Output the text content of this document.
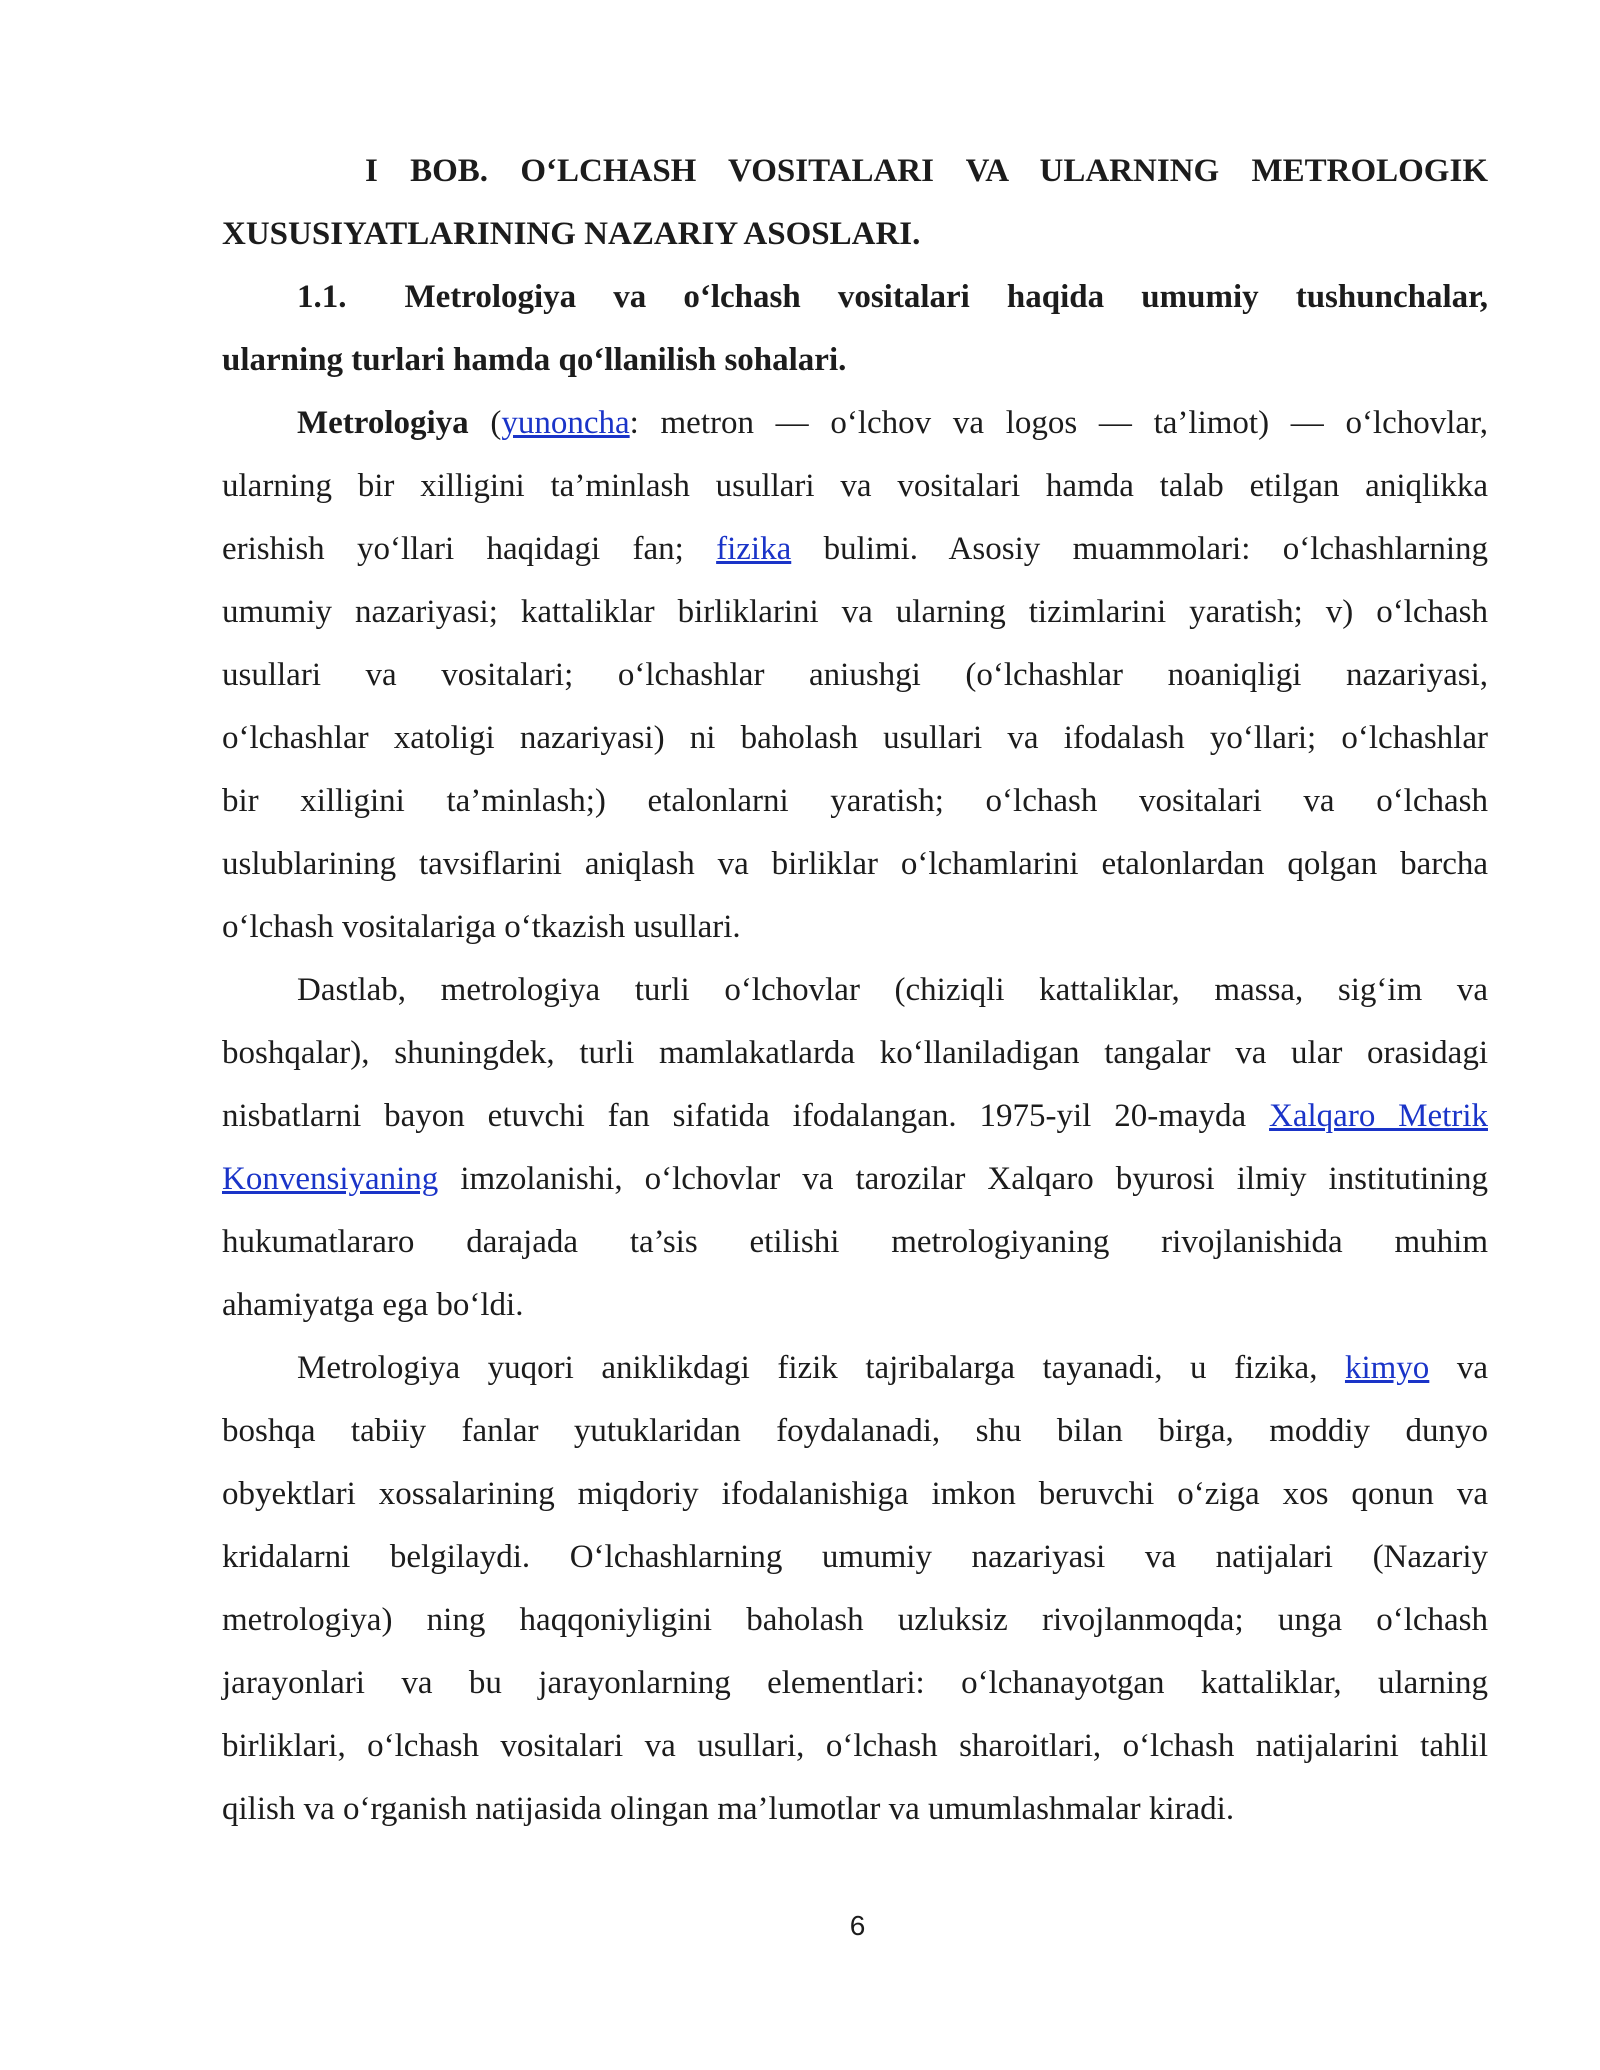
I BOB. O‘LCHASH VOSITALARI VA ULARNING METROLOGIK
XUSUSIYATLARINING NAZARIY ASOSLARI.
1.1. Metrologiya va o‘lchash vositalari haqida umumiy tushunchalar,
ularning turlari hamda qo‘llanilish sohalari.
Metrologiya (yunoncha: metron — o‘lchov va logos — ta’limot) — o‘lchovlar,
ularning bir xilligini ta’minlash usullari va vositalari hamda talab etilgan aniqlikka
erishish yo‘llari haqidagi fan; fizika bulimi. Asosiy muammolari: o‘lchashlarning
umumiy nazariyasi; kattaliklar birliklarini va ularning tizimlarini yaratish; v) o‘lchash
usullari va vositalari; o‘lchashlar aniushgi (o‘lchashlar noaniqligi nazariyasi,
o‘lchashlar xatoligi nazariyasi) ni baholash usullari va ifodalash yo‘llari; o‘lchashlar
bir xilligini ta’minlash;) etalonlarni yaratish; o‘lchash vositalari va o‘lchash
uslublarining tavsiflarini aniqlash va birliklar o‘lchamlarini etalonlardan qolgan barcha
o‘lchash vositalariga o‘tkazish usullari.
Dastlab, metrologiya turli o‘lchovlar (chiziqli kattaliklar, massa, sig‘im va
boshqalar), shuningdek, turli mamlakatlarda ko‘llaniladigan tangalar va ular orasidagi
nisbatlarni bayon etuvchi fan sifatida ifodalangan. 1975-yil 20-mayda Xalqaro Metrik
Konvensiyaning imzolanishi, o‘lchovlar va tarozilar Xalqaro byurosi ilmiy institutining
hukumatlararo darajada ta’sis etilishi metrologiyaning rivojlanishida muhim
ahamiyatga ega bo‘ldi.
Metrologiya yuqori aniklikdagi fizik tajribalarga tayanadi, u fizika, kimyo va
boshqa tabiiy fanlar yutuklaridan foydalanadi, shu bilan birga, moddiy dunyo
obyektlari xossalarining miqdoriy ifodalanishiga imkon beruvchi o‘ziga xos qonun va
kridalarni belgilaydi. O‘lchashlarning umumiy nazariyasi va natijalari (Nazariy
metrologiya) ning haqqoniyligini baholash uzluksiz rivojlanmoqda; unga o‘lchash
jarayonlari va bu jarayonlarning elementlari: o‘lchanayotgan kattaliklar, ularning
birliklari, o‘lchash vositalari va usullari, o‘lchash sharoitlari, o‘lchash natijalarini tahlil
qilish va o‘rganish natijasida olingan ma’lumotlar va umumlashmalar kiradi.
6
